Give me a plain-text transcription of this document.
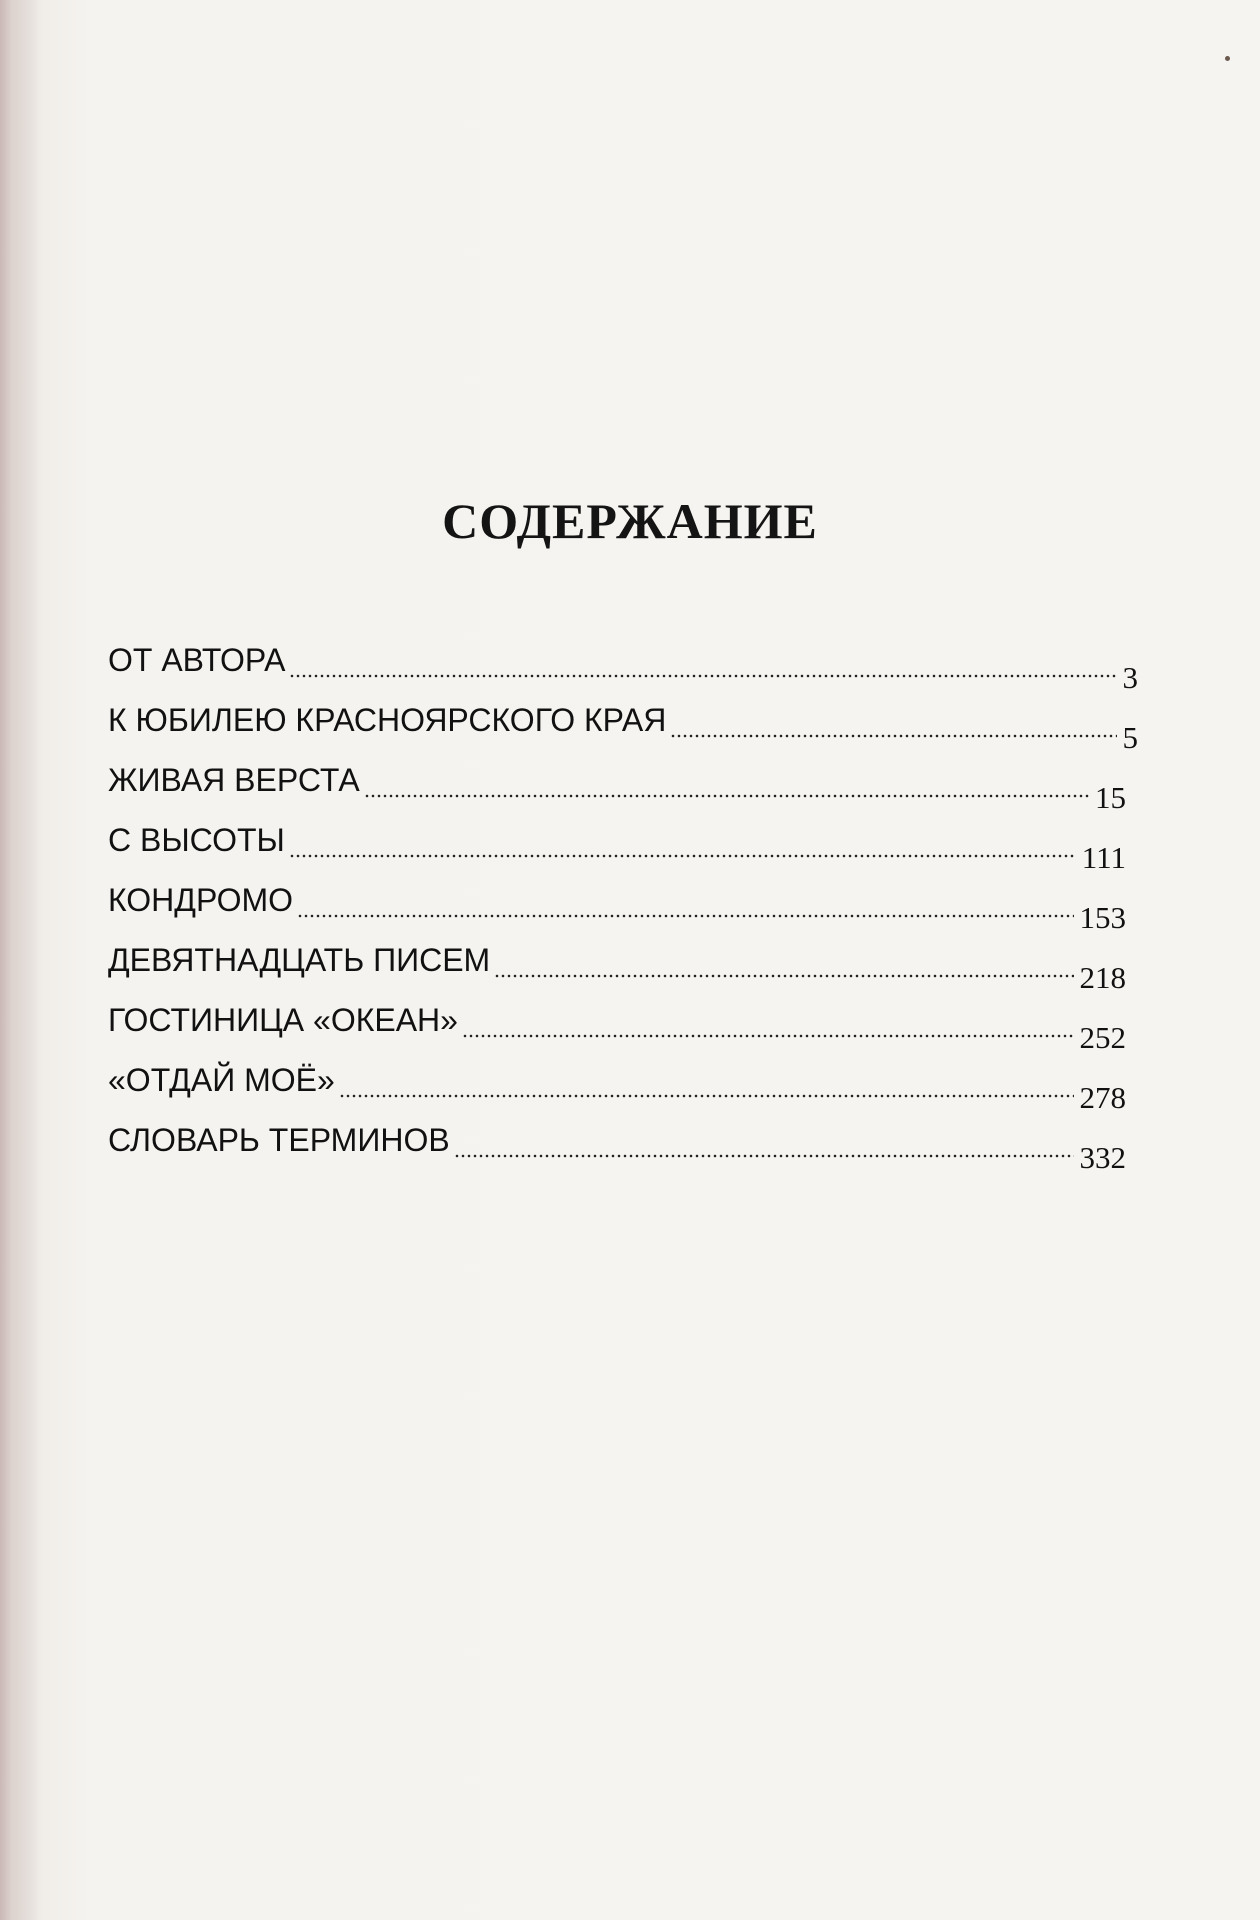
СОДЕРЖАНИЕ
ОТ АВТОРА	3
К ЮБИЛЕЮ КРАСНОЯРСКОГО КРАЯ	5
ЖИВАЯ ВЕРСТА	15
С ВЫСОТЫ	111
КОНДРОМО	153
ДЕВЯТНАДЦАТЬ ПИСЕМ	218
ГОСТИНИЦА «ОКЕАН»	252
«ОТДАЙ МОЁ»	278
СЛОВАРЬ ТЕРМИНОВ	332
